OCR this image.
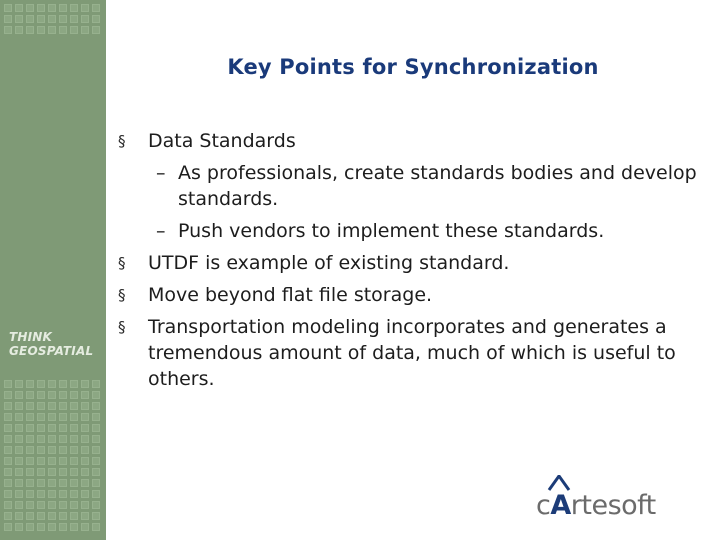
THINK
GEOSPATIAL
Key Points for Synchronization
§ Data Standards
– As professionals, create standards bodies and develop standards.
– Push vendors to implement these standards.
§ UTDF is example of existing standard.
§ Move beyond flat file storage.
§ Transportation modeling incorporates and generates a tremendous amount of data, much of which is useful to others.
c
Artesoft
